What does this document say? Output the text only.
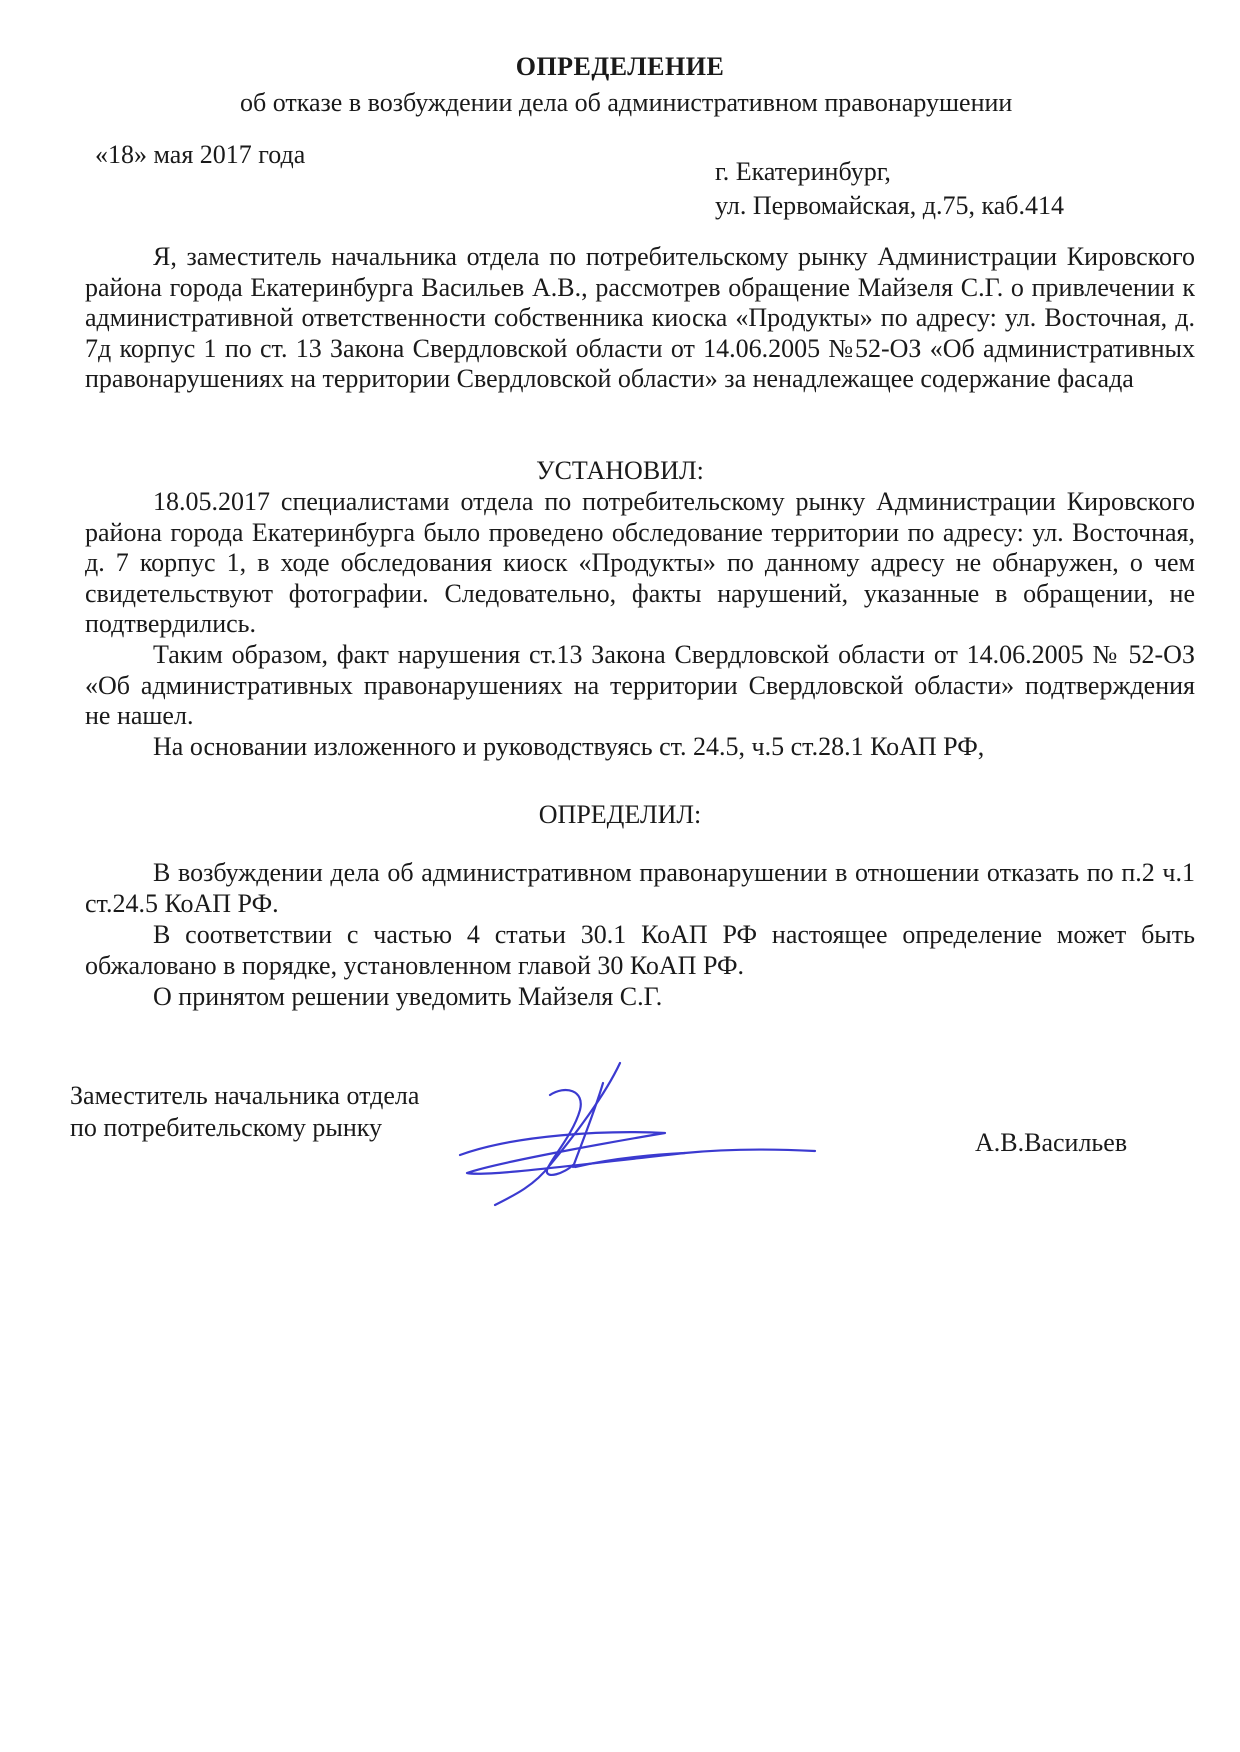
ОПРЕДЕЛЕНИЕ
об отказе в возбуждении дела об административном правонарушении
«18» мая 2017 года
г. Екатеринбург,
ул. Первомайская, д.75, каб.414
Я, заместитель начальника отдела по потребительскому рынку Администрации Кировского района города Екатеринбурга Васильев А.В., рассмотрев обращение Майзеля С.Г. о привлечении к административной ответственности собственника киоска «Продукты» по адресу: ул. Восточная, д. 7д корпус 1 по ст. 13 Закона Свердловской области от 14.06.2005 №52-ОЗ «Об административных правонарушениях на территории Свердловской области» за ненадлежащее содержание фасада
УСТАНОВИЛ:
18.05.2017 специалистами отдела по потребительскому рынку Администрации Кировского района города Екатеринбурга было проведено обследование территории по адресу: ул. Восточная, д. 7 корпус 1, в ходе обследования киоск «Продукты» по данному адресу не обнаружен, о чем свидетельствуют фотографии. Следовательно, факты нарушений, указанные в обращении, не подтвердились.
Таким образом, факт нарушения ст.13 Закона Свердловской области от 14.06.2005 № 52-ОЗ «Об административных правонарушениях на территории Свердловской области» подтверждения не нашел.
На основании изложенного и руководствуясь ст. 24.5, ч.5 ст.28.1 КоАП РФ,
ОПРЕДЕЛИЛ:
В возбуждении дела об административном правонарушении в отношении отказать по п.2 ч.1 ст.24.5 КоАП РФ.
В соответствии с частью 4 статьи 30.1 КоАП РФ настоящее определение может быть обжаловано в порядке, установленном главой 30 КоАП РФ.
О принятом решении уведомить Майзеля С.Г.
Заместитель начальника отдела
по потребительскому рынку
А.В.Васильев
